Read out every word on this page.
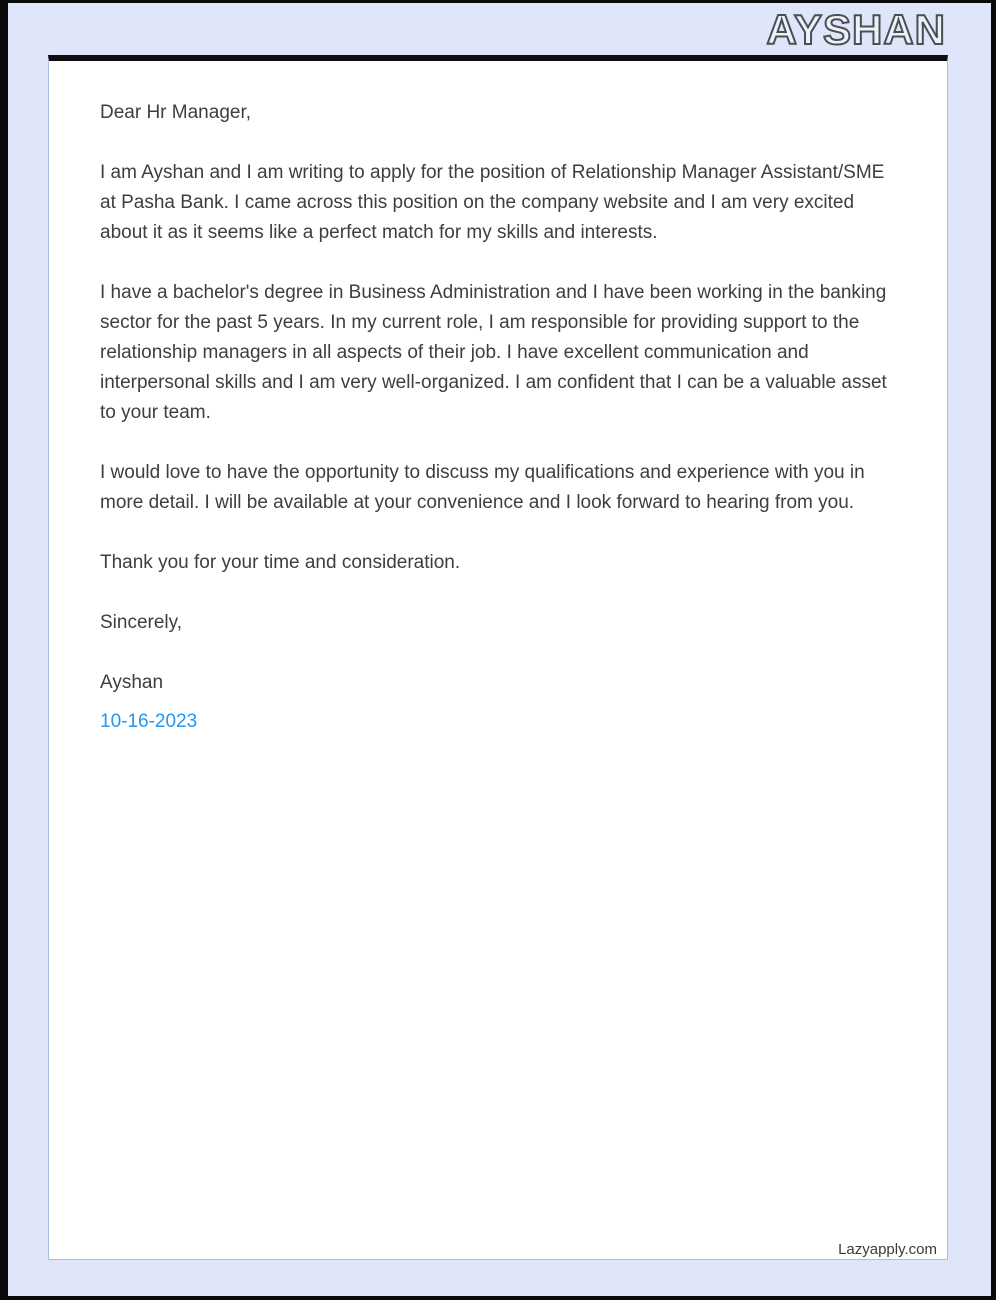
AYSHAN

Dear Hr Manager,

I am Ayshan and I am writing to apply for the position of Relationship Manager Assistant/SME at Pasha Bank. I came across this position on the company website and I am very excited about it as it seems like a perfect match for my skills and interests.

I have a bachelor's degree in Business Administration and I have been working in the banking sector for the past 5 years. In my current role, I am responsible for providing support to the relationship managers in all aspects of their job. I have excellent communication and interpersonal skills and I am very well-organized. I am confident that I can be a valuable asset to your team.

I would love to have the opportunity to discuss my qualifications and experience with you in more detail. I will be available at your convenience and I look forward to hearing from you.

Thank you for your time and consideration.

Sincerely,

Ayshan

10-16-2023

Lazyapply.com
